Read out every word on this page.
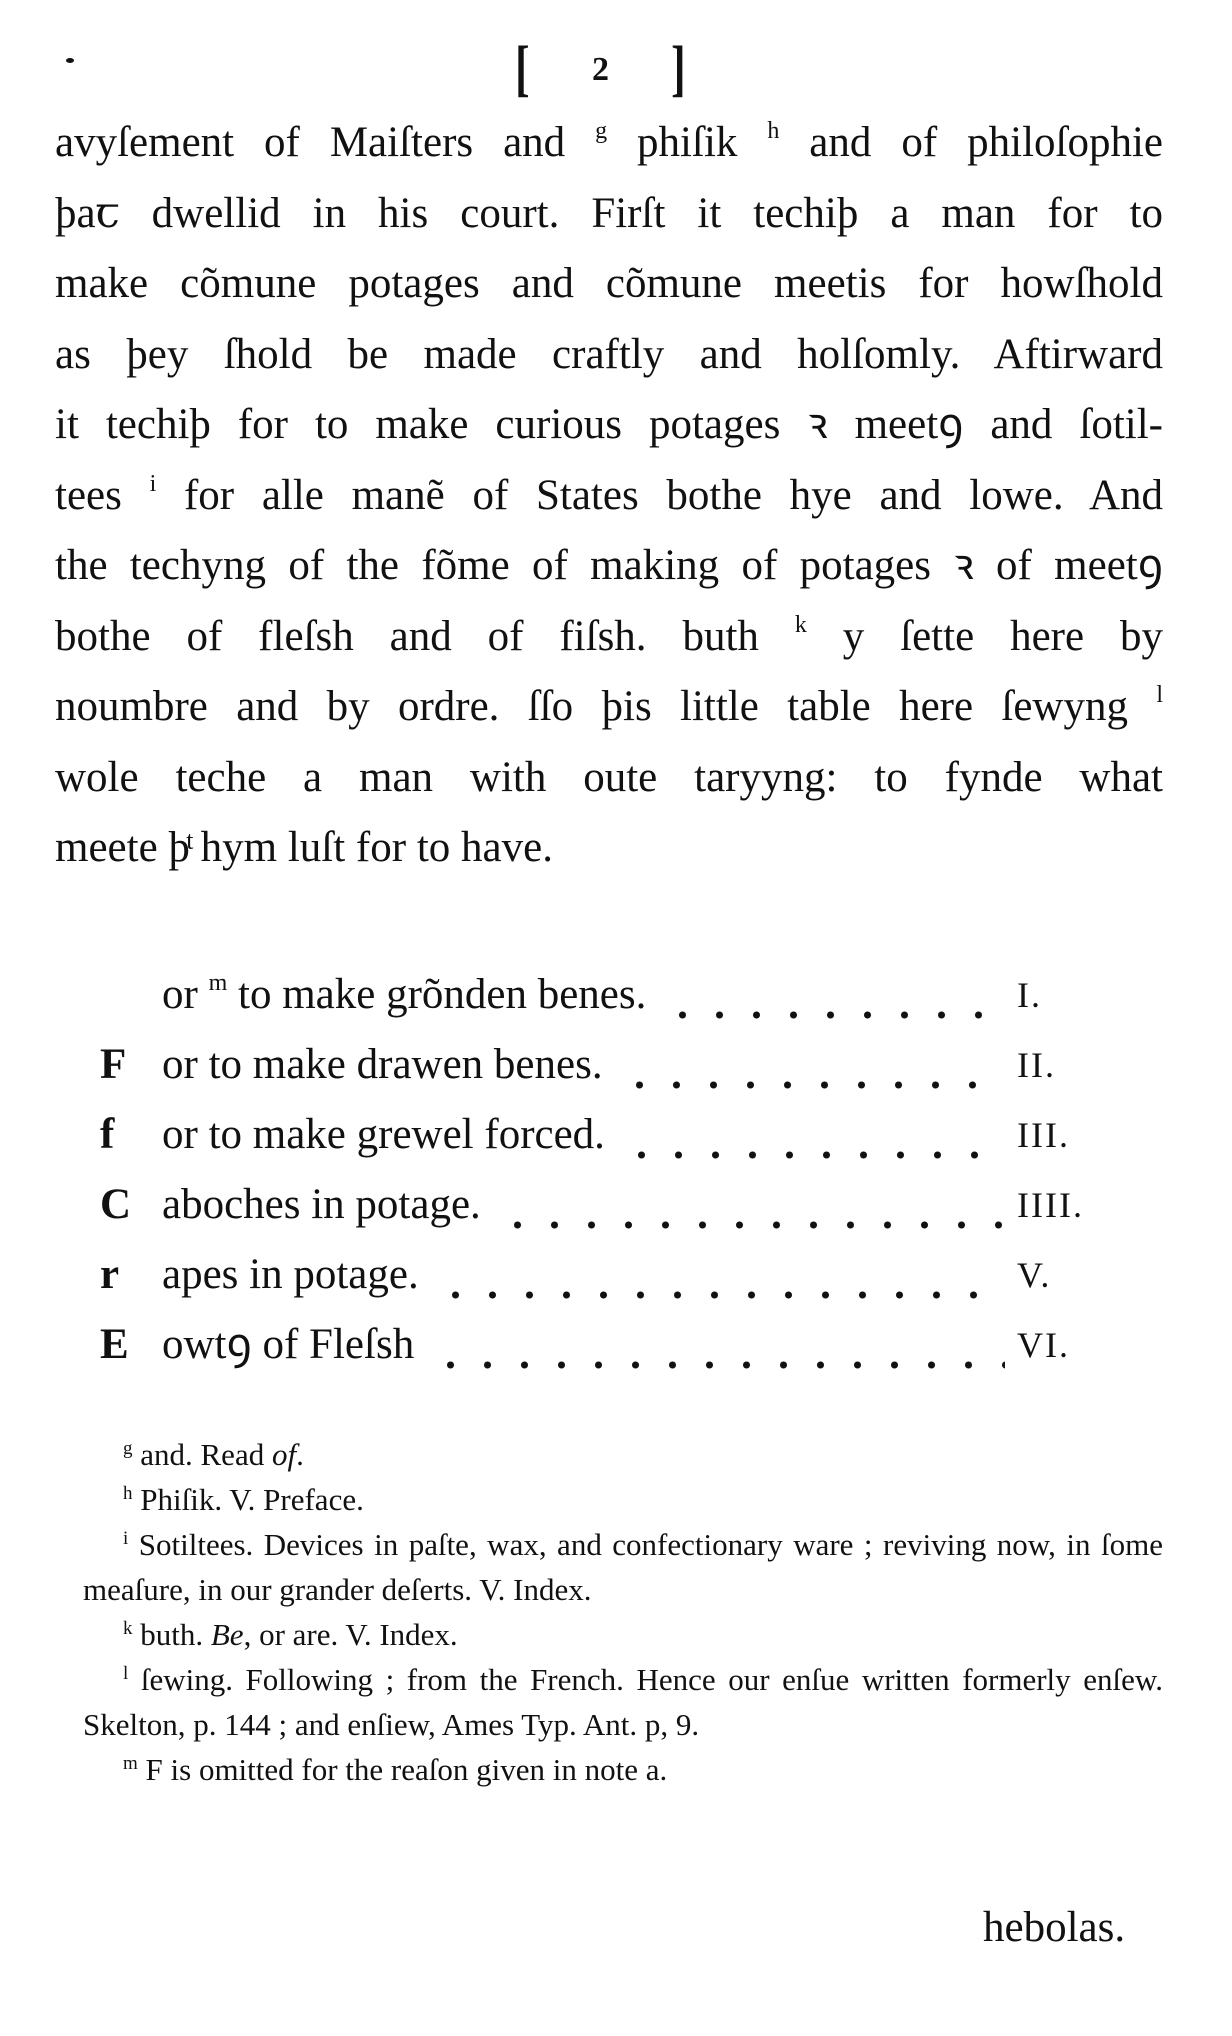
[ 2 ]
avyſement of Maiſters and $^g$ phiſik $^h$ and of philoſophie
þaꞇ dwellid in his court. Firſt it techiþ a man for to
make cõmune potages and cõmune meetis for howſhold
as þey ſhold be made craftly and holſomly. Aftirward
it techiþ for to make curious potages ꝛ meetꝯ and ſotil-
tees $^i$ for alle manẽ of States bothe hye and lowe. And
the techyng of the fõme of making of potages ꝛ of meetꝯ
bothe of fleſsh and of fiſsh. buth $^k$ y ſette here by
noumbre and by ordre. ſſo þis little table here ſewyng $^l$
wole teche a man with oute taryyng: to fynde what
meete þͭ hym luſt for to have.
or $^m$ to make grõnden benes.	I.
F or to make drawen benes.	II.
f or to make grewel forced.	III.
C aboches in potage.	IIII.
r apes in potage.	V.
E owtꝯ of Fleſsh	VI.

$^g$ and. Read of.

$^h$ Phiſik. V. Preface.

$^i$ Sotiltees. Devices in paſte, wax, and confectionary ware ; reviving now, in ſome meaſure, in our grander deſerts. V. Index.

$^k$ buth. Be, or are. V. Index.

$^l$ ſewing. Following ; from the French. Hence our enſue written formerly enſew. Skelton, p. 144 ; and enſiew, Ames Typ. Ant. p, 9.

$^m$ F is omitted for the reaſon given in note a.

hebolas.
